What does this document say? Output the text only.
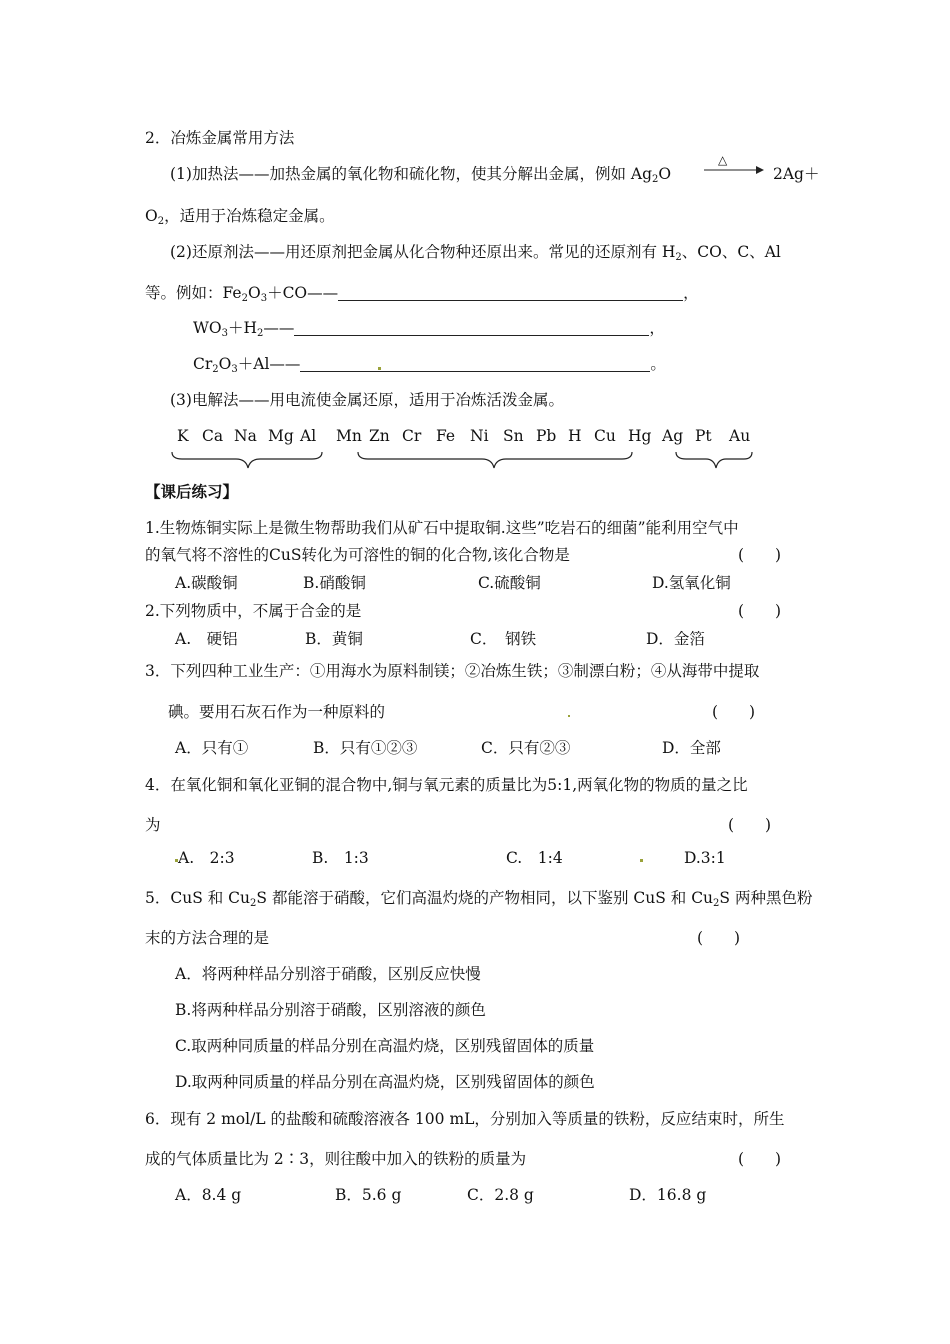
2．冶炼金属常用方法
(1)加热法——加热金属的氧化物和硫化物，使其分解出金属，例如 $Ag_2O$
△
→ 2Ag＋
$O_2$，适用于冶炼稳定金属。
(2)还原剂法——用还原剂把金属从化合物种还原出来。常见的还原剂有 $H_2$、CO、C、Al
等。例如：$Fe_2O_3+CO——$	，
$WO_3+H_2——$	，
$Cr_2O_3+Al——$	。
(3)电解法——用电流使金属还原，适用于冶炼活泼金属。
K Ca Na Mg Al Mn Zn Cr Fe Ni Sn Pb H Cu Hg Ag Pt Au
【课后练习】
1.生物炼铜实际上是微生物帮助我们从矿石中提取铜.这些”吃岩石的细菌”能利用空气中
的氧气将不溶性的CuS转化为可溶性的铜的化合物,该化合物是	(　　)
A.碳酸铜	B.硝酸铜	C.硫酸铜	D.氢氧化铜
2.下列物质中，不属于合金的是	(　　)
A.　硬铝	B．黄铜	C．　钢铁	D．金箔
3．下列四种工业生产：①用海水为原料制镁；②冶炼生铁；③制漂白粉；④从海带中提取
碘。要用石灰石作为一种原料的	(　　)
A．只有①	B．只有①②③	C．只有②③	D．全部
4．在氧化铜和氧化亚铜的混合物中,铜与氧元素的质量比为5:1,两氧化物的物质的量之比
为	(　　)
A.　2:3	B.　1:3	C.　1:4	D.3:1
5．CuS 和 $Cu_2S$ 都能溶于硝酸，它们高温灼烧的产物相同，以下鉴别 CuS 和 $Cu_2S$ 两种黑色粉
末的方法合理的是	(　　)
A．将两种样品分别溶于硝酸，区别反应快慢
B.将两种样品分别溶于硝酸，区别溶液的颜色
C.取两种同质量的样品分别在高温灼烧，区别残留固体的质量
D.取两种同质量的样品分别在高温灼烧，区别残留固体的颜色
6．现有 2 mol/L 的盐酸和硫酸溶液各 100 mL，分别加入等质量的铁粉，反应结束时，所生
成的气体质量比为 2∶3，则往酸中加入的铁粉的质量为	(　　)
A．8.4 g	B．5.6 g	C．2.8 g	D．16.8 g
